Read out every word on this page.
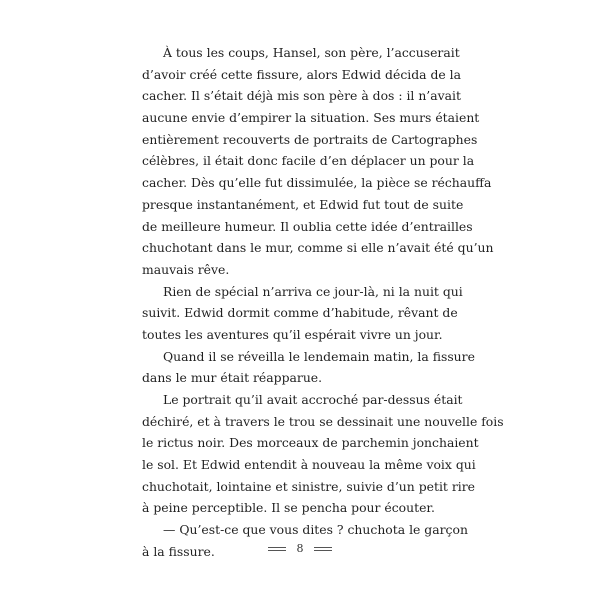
À tous les coups, Hansel, son père, l’accuserait
d’avoir créé cette fissure, alors Edwid décida de la
cacher. Il s’était déjà mis son père à dos : il n’avait
aucune envie d’empirer la situation. Ses murs étaient
entièrement recouverts de portraits de Cartographes
célèbres, il était donc facile d’en déplacer un pour la
cacher. Dès qu’elle fut dissimulée, la pièce se réchauffa
presque instantanément, et Edwid fut tout de suite
de meilleure humeur. Il oublia cette idée d’entrailles
chuchotant dans le mur, comme si elle n’avait été qu’un
mauvais rêve.
Rien de spécial n’arriva ce jour-là, ni la nuit qui
suivit. Edwid dormit comme d’habitude, rêvant de
toutes les aventures qu’il espérait vivre un jour.
Quand il se réveilla le lendemain matin, la fissure
dans le mur était réapparue.
Le portrait qu’il avait accroché par-dessus était
déchiré, et à travers le trou se dessinait une nouvelle fois
le rictus noir. Des morceaux de parchemin jonchaient
le sol. Et Edwid entendit à nouveau la même voix qui
chuchotait, lointaine et sinistre, suivie d’un petit rire
à peine perceptible. Il se pencha pour écouter.
— Qu’est-ce que vous dites ? chuchota le garçon
à la fissure.	8
